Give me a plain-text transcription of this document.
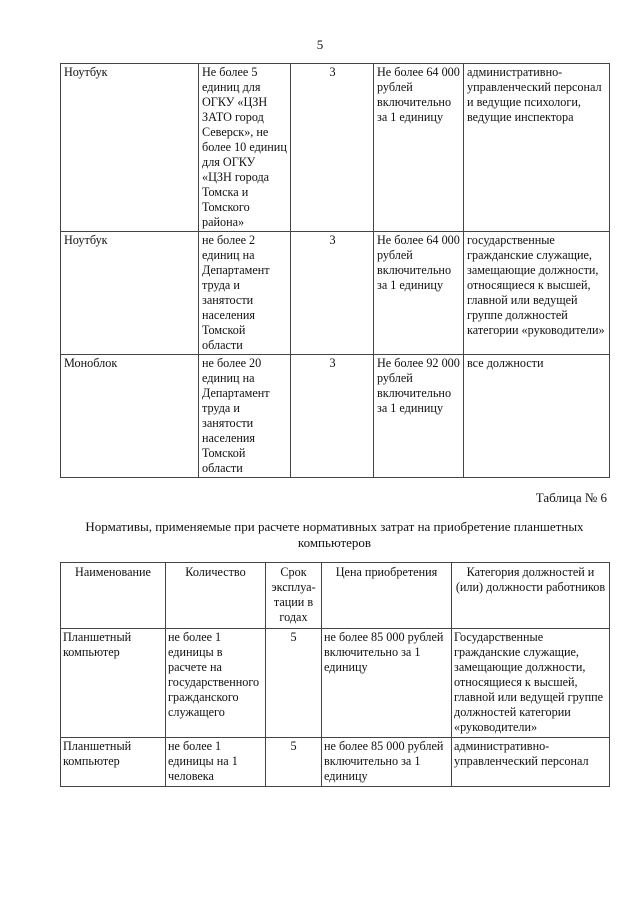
5
Ноутбук	Не более 5 единиц для ОГКУ «ЦЗН ЗАТО город Северск», не более 10 единиц для ОГКУ «ЦЗН города Томска и Томского района»	3	Не более 64 000 рублей включительно за 1 единицу	административно-управленческий персонал и ведущие психологи, ведущие инспектора
Ноутбук	не более 2 единиц на Департамент труда и занятости населения Томской области	3	Не более 64 000 рублей включительно за 1 единицу	государственные гражданские служащие, замещающие должности, относящиеся к высшей, главной или ведущей группе должностей категории «руководители»
Моноблок	не более 20 единиц на Департамент труда и занятости населения Томской области	3	Не более 92 000 рублей включительно за 1 единицу	все должности
Таблица № 6
Нормативы, применяемые при расчете нормативных затрат на приобретение планшетных компьютеров
Наименование	Количество	Срок эксплуа-тации в годах	Цена приобретения	Категория должностей и (или) должности работников
Планшетный компьютер	не более 1 единицы в расчете на государственного гражданского служащего	5	не более 85 000 рублей включительно за 1 единицу	Государственные гражданские служащие, замещающие должности, относящиеся к высшей, главной или ведущей группе должностей категории «руководители»
Планшетный компьютер	не более 1 единицы на 1 человека	5	не более 85 000 рублей включительно за 1 единицу	административно-управленческий персонал
